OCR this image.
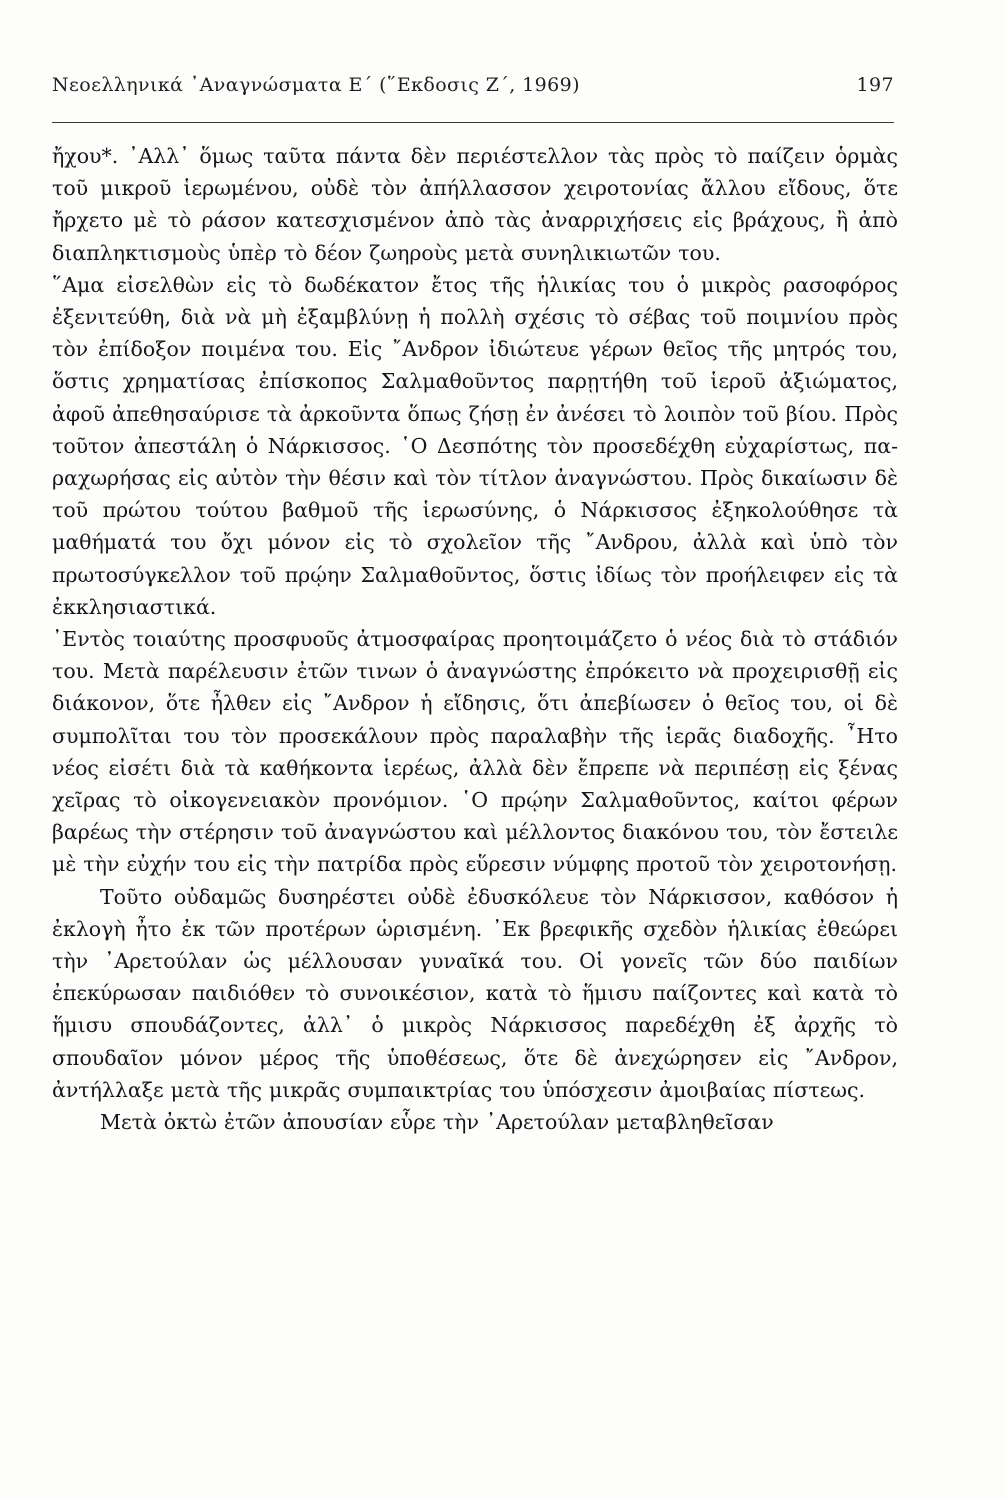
Νεοελληνικά ᾽Αναγνώσματα Ε΄ (῞Εκδοσις Ζ΄, 1969)	197

ἤχου*. ᾽Αλλ᾽ ὅμως ταῦτα πάντα δὲν περιέστελλον τὰς πρὸς τὸ παίζειν ὁρμὰς τοῦ μικροῦ ἱερωμένου, οὐδὲ τὸν ἀπήλλασσον χειροτονίας ἄλλου εἴδους, ὅτε ἤρχετο μὲ τὸ ράσον κατεσχισμένον ἀπὸ τὰς ἀναρριχήσεις εἰς βράχους, ἢ ἀπὸ διαπληκτισμοὺς ὑπὲρ τὸ δέον ζωηροὺς μετὰ συνηλικιωτῶν του.

῞Αμα εἰσελθὼν εἰς τὸ δωδέκατον ἔτος τῆς ἡλικίας του ὁ μικρὸς ρασοφόρος ἐξενιτεύθη, διὰ νὰ μὴ ἐξαμβλύνῃ ἡ πολλὴ σχέσις τὸ σέβας τοῦ ποιμνίου πρὸς τὸν ἐπίδοξον ποιμένα του. Εἰς ῎Ανδρον ἰδιώτευε γέρων θεῖος τῆς μητρός του, ὅστις χρηματίσας ἐπίσκοπος Σαλμαθοῦντος παρῃτήθη τοῦ ἱεροῦ ἀξιώματος, ἀφοῦ ἀπεθησαύρισε τὰ ἀρκοῦντα ὅπως ζήσῃ ἐν ἀνέσει τὸ λοιπὸν τοῦ βίου. Πρὸς τοῦτον ἀπεστάλη ὁ Νάρκισσος. ῾Ο Δεσπότης τὸν προσεδέχθη εὐχαρίστως, παραχωρήσας εἰς αὐτὸν τὴν θέσιν καὶ τὸν τίτλον ἀναγνώστου. Πρὸς δικαίωσιν δὲ τοῦ πρώτου τούτου βαθμοῦ τῆς ἱερωσύνης, ὁ Νάρκισσος ἐξηκολούθησε τὰ μαθήματά του ὄχι μόνον εἰς τὸ σχολεῖον τῆς ῎Ανδρου, ἀλλὰ καὶ ὑπὸ τὸν πρωτοσύγκελλον τοῦ πρῴην Σαλμαθοῦντος, ὅστις ἰδίως τὸν προήλειφεν εἰς τὰ ἐκκλησιαστικά.

᾽Εντὸς τοιαύτης προσφυοῦς ἀτμοσφαίρας προητοιμάζετο ὁ νέος διὰ τὸ στάδιόν του. Μετὰ παρέλευσιν ἐτῶν τινων ὁ ἀναγνώστης ἐπρόκειτο νὰ προχειρισθῇ εἰς διάκονον, ὅτε ἦλθεν εἰς ῎Ανδρον ἡ εἴδησις, ὅτι ἀπεβίωσεν ὁ θεῖος του, οἱ δὲ συμπολῖται του τὸν προσεκάλουν πρὸς παραλαβὴν τῆς ἱερᾶς διαδοχῆς. ῏Ητο νέος εἰσέτι διὰ τὰ καθήκοντα ἱερέως, ἀλλὰ δὲν ἔπρεπε νὰ περιπέσῃ εἰς ξένας χεῖρας τὸ οἰκογενειακὸν προνόμιον. ῾Ο πρῴην Σαλμαθοῦντος, καίτοι φέρων βαρέως τὴν στέρησιν τοῦ ἀναγνώστου καὶ μέλλοντος διακόνου του, τὸν ἔστειλε μὲ τὴν εὐχήν του εἰς τὴν πατρίδα πρὸς εὕρεσιν νύμφης προτοῦ τὸν χειροτονήσῃ.

Τοῦτο οὐδαμῶς δυσηρέστει οὐδὲ ἐδυσκόλευε τὸν Νάρκισσον, καθόσον ἡ ἐκλογὴ ἦτο ἐκ τῶν προτέρων ὡρισμένη. ᾽Εκ βρεφικῆς σχεδὸν ἡλικίας ἐθεώρει τὴν ᾽Αρετούλαν ὡς μέλλουσαν γυναῖκά του. Οἱ γονεῖς τῶν δύο παιδίων ἐπεκύρωσαν παιδιόθεν τὸ συνοικέσιον, κατὰ τὸ ἥμισυ παίζοντες καὶ κατὰ τὸ ἥμισυ σπουδάζοντες, ἀλλ᾽ ὁ μικρὸς Νάρκισσος παρεδέχθη ἐξ ἀρχῆς τὸ σπουδαῖον μόνον μέρος τῆς ὑποθέσεως, ὅτε δὲ ἀνεχώρησεν εἰς ῎Ανδρον, ἀντήλλαξε μετὰ τῆς μικρᾶς συμπαικτρίας του ὑπόσχεσιν ἀμοιβαίας πίστεως.

Μετὰ ὀκτὼ ἐτῶν ἀπουσίαν εὗρε τὴν ᾽Αρετούλαν μεταβληθεῖσαν
